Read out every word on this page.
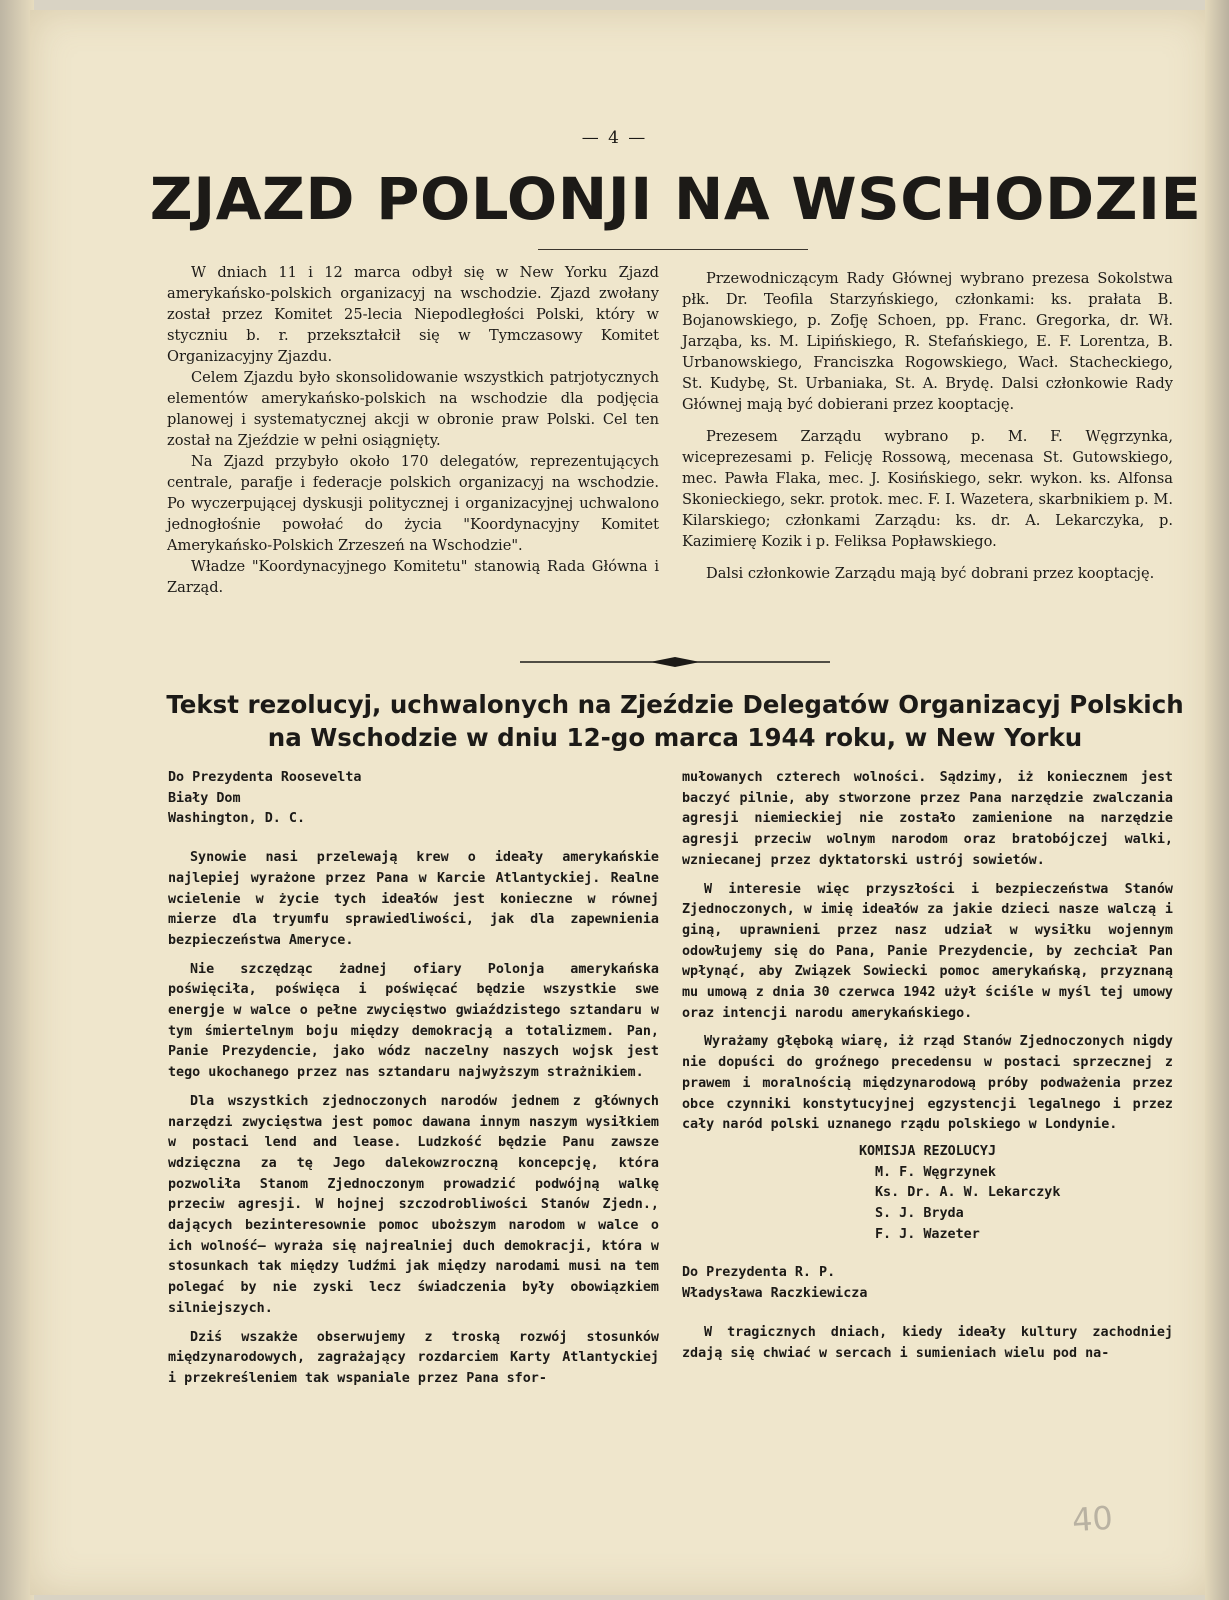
— 4 —
ZJAZD POLONJI NA WSCHODZIE

W dniach 11 i 12 marca odbył się w New Yorku Zjazd amerykańsko-polskich organizacyj na wschodzie. Zjazd zwołany został przez Komitet 25-lecia Niepodległości Polski, który w styczniu b. r. przekształcił się w Tymczasowy Komitet Organizacyjny Zjazdu.

Celem Zjazdu było skonsolidowanie wszystkich patrjotycznych elementów amerykańsko-polskich na wschodzie dla podjęcia planowej i systematycznej akcji w obronie praw Polski. Cel ten został na Zjeździe w pełni osiągnięty.

Na Zjazd przybyło około 170 delegatów, reprezentujących centrale, parafje i federacje polskich organizacyj na wschodzie. Po wyczerpującej dyskusji politycznej i organizacyjnej uchwalono jednogłośnie powołać do życia "Koordynacyjny Komitet Amerykańsko-Polskich Zrzeszeń na Wschodzie".

Władze "Koordynacyjnego Komitetu" stanowią Rada Główna i Zarząd.

Przewodniczącym Rady Głównej wybrano prezesa Sokolstwa płk. Dr. Teofila Starzyńskiego, członkami: ks. prałata B. Bojanowskiego, p. Zofję Schoen, pp. Franc. Gregorka, dr. Wł. Jarząba, ks. M. Lipińskiego, R. Stefańskiego, E. F. Lorentza, B. Urbanowskiego, Franciszka Rogowskiego, Wacł. Stacheckiego, St. Kudybę, St. Urbaniaka, St. A. Brydę. Dalsi członkowie Rady Głównej mają być dobierani przez kooptację.

Prezesem Zarządu wybrano p. M. F. Węgrzynka, wiceprezesami p. Felicję Rossową, mecenasa St. Gutowskiego, mec. Pawła Flaka, mec. J. Kosińskiego, sekr. wykon. ks. Alfonsa Skonieckiego, sekr. protok. mec. F. I. Wazetera, skarbnikiem p. M. Kilarskiego; członkami Zarządu: ks. dr. A. Lekarczyka, p. Kazimierę Kozik i p. Feliksa Popławskiego.

Dalsi członkowie Zarządu mają być dobrani przez kooptację.

Tekst rezolucyj, uchwalonych na Zjeździe Delegatów Organizacyj Polskich
na Wschodzie w dniu 12-go marca 1944 roku, w New Yorku

Do Prezydenta Roosevelta

Biały Dom

Washington, D. C.

Synowie nasi przelewają krew o ideały amerykańskie najlepiej wyrażone przez Pana w Karcie Atlantyckiej. Realne wcielenie w życie tych ideałów jest konieczne w równej mierze dla tryumfu sprawiedliwości, jak dla zapewnienia bezpieczeństwa Ameryce.

Nie szczędząc żadnej ofiary Polonja amerykańska poświęciła, poświęca i poświęcać będzie wszystkie swe energje w walce o pełne zwycięstwo gwiaździstego sztandaru w tym śmiertelnym boju między demokracją a totalizmem. Pan, Panie Prezydencie, jako wódz naczelny naszych wojsk jest tego ukochanego przez nas sztandaru najwyższym strażnikiem.

Dla wszystkich zjednoczonych narodów jednem z głównych narzędzi zwycięstwa jest pomoc dawana innym naszym wysiłkiem w postaci lend and lease. Ludzkość będzie Panu zawsze wdzięczna za tę Jego dalekowzroczną koncepcję, która pozwoliła Stanom Zjednoczonym prowadzić podwójną walkę przeciw agresji. W hojnej szczodrobliwości Stanów Zjedn., dających bezinteresownie pomoc uboższym narodom w walce o ich wolność— wyraża się najrealniej duch demokracji, która w stosunkach tak między ludźmi jak między narodami musi na tem polegać by nie zyski lecz świadczenia były obowiązkiem silniejszych.

Dziś wszakże obserwujemy z troską rozwój stosunków międzynarodowych, zagrażający rozdarciem Karty Atlantyckiej i przekreśleniem tak wspaniale przez Pana sfor-

mułowanych czterech wolności. Sądzimy, iż koniecznem jest baczyć pilnie, aby stworzone przez Pana narzędzie zwalczania agresji niemieckiej nie zostało zamienione na narzędzie agresji przeciw wolnym narodom oraz bratobójczej walki, wzniecanej przez dyktatorski ustrój sowietów.

W interesie więc przyszłości i bezpieczeństwa Stanów Zjednoczonych, w imię ideałów za jakie dzieci nasze walczą i giną, uprawnieni przez nasz udział w wysiłku wojennym odowłujemy się do Pana, Panie Prezydencie, by zechciał Pan wpłynąć, aby Związek Sowiecki pomoc amerykańską, przyznaną mu umową z dnia 30 czerwca 1942 użył ściśle w myśl tej umowy oraz intencji narodu amerykańskiego.

Wyrażamy głęboką wiarę, iż rząd Stanów Zjednoczonych nigdy nie dopuści do groźnego precedensu w postaci sprzecznej z prawem i moralnością międzynarodową próby podważenia przez obce czynniki konstytucyjnej egzystencji legalnego i przez cały naród polski uznanego rządu polskiego w Londynie.

KOMISJA REZOLUCYJ

M. F. Węgrzynek

Ks. Dr. A. W. Lekarczyk

S. J. Bryda

F. J. Wazeter

Do Prezydenta R. P.

Władysława Raczkiewicza

W tragicznych dniach, kiedy ideały kultury zachodniej zdają się chwiać w sercach i sumieniach wielu pod na-

40
